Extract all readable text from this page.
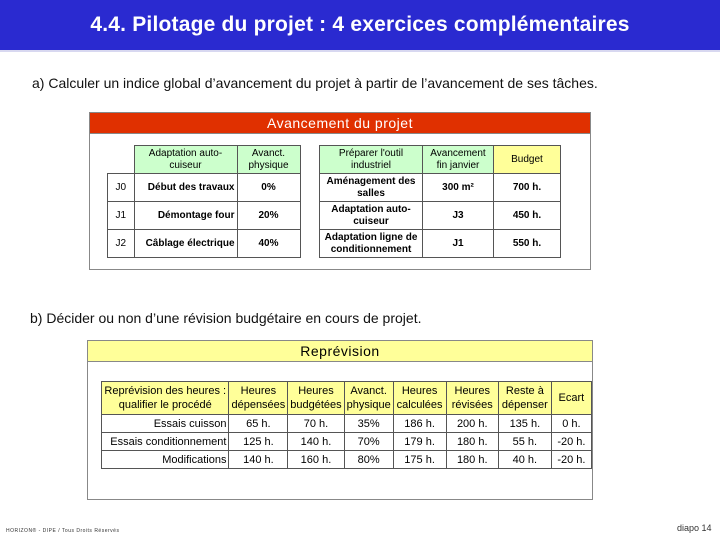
4.4. Pilotage du projet : 4 exercices complémentaires
a) Calculer un indice global d’avancement du projet à partir de l’avancement de ses tâches.
Avancement du projet
	Adaptation auto-cuiseur	Avanct. physique
J0	Début des travaux	0%
J1	Démontage four	20%
J2	Câblage électrique	40%
Préparer l'outil industriel	Avancement fin janvier	Budget
Aménagement des salles	300 m²	700 h.
Adaptation auto-cuiseur	J3	450 h.
Adaptation ligne de conditionnement	J1	550 h.
b) Décider ou non d’une révision budgétaire en cours de projet.
Reprévision
Reprévision des heures : qualifier le procédé	Heures dépensées	Heures budgétées	Avanct. physique	Heures calculées	Heures révisées	Reste à dépenser	Ecart
Essais cuisson	65 h.	70 h.	35%	186 h.	200 h.	135 h.	0 h.
Essais conditionnement	125 h.	140 h.	70%	179 h.	180 h.	55 h.	-20 h.
Modifications	140 h.	160 h.	80%	175 h.	180 h.	40 h.	-20 h.
HORIZON® - DIPE / Tous Droits Réservés	diapo 14
